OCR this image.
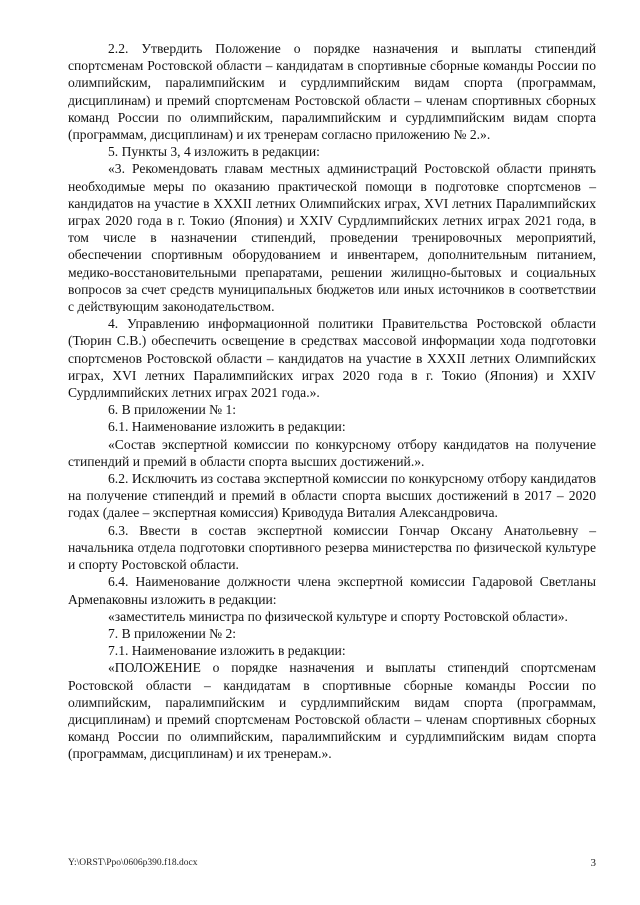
2.2. Утвердить Положение о порядке назначения и выплаты стипендий спортсменам Ростовской области – кандидатам в спортивные сборные команды России по олимпийским, паралимпийским и сурдлимпийским видам спорта (программам, дисциплинам) и премий спортсменам Ростовской области – членам спортивных сборных команд России по олимпийским, паралимпийским и сурдлимпийским видам спорта (программам, дисциплинам) и их тренерам согласно приложению № 2.».

5. Пункты 3, 4 изложить в редакции:

«3. Рекомендовать главам местных администраций Ростовской области принять необходимые меры по оказанию практической помощи в подготовке спортсменов – кандидатов на участие в XXXII летних Олимпийских играх, XVI летних Паралимпийских играх 2020 года в г. Токио (Япония) и XXIV Сурдлимпийских летних играх 2021 года, в том числе в назначении стипендий, проведении тренировочных мероприятий, обеспечении спортивным оборудованием и инвентарем, дополнительным питанием, медико-восстановительными препаратами, решении жилищно-бытовых и социальных вопросов за счет средств муниципальных бюджетов или иных источников в соответствии с действующим законодательством.

4. Управлению информационной политики Правительства Ростовской области (Тюрин С.В.) обеспечить освещение в средствах массовой информации хода подготовки спортсменов Ростовской области – кандидатов на участие в XXXII летних Олимпийских играх, XVI летних Паралимпийских играх 2020 года в г. Токио (Япония) и XXIV Сурдлимпийских летних играх 2021 года.».

6. В приложении № 1:

6.1. Наименование изложить в редакции:

«Состав экспертной комиссии по конкурсному отбору кандидатов на получение стипендий и премий в области спорта высших достижений.».

6.2. Исключить из состава экспертной комиссии по конкурсному отбору кандидатов на получение стипендий и премий в области спорта высших достижений в 2017 – 2020 годах (далее – экспертная комиссия) Криводуда Виталия Александровича.

6.3. Ввести в состав экспертной комиссии Гончар Оксану Анатольевну – начальника отдела подготовки спортивного резерва министерства по физической культуре и спорту Ростовской области.

6.4. Наименование должности члена экспертной комиссии Гадаровой Светланы Армenaковны изложить в редакции:

«заместитель министра по физической культуре и спорту Ростовской области».

7. В приложении № 2:

7.1. Наименование изложить в редакции:

«ПОЛОЖЕНИЕ о порядке назначения и выплаты стипендий спортсменам Ростовской области – кандидатам в спортивные сборные команды России по олимпийским, паралимпийским и сурдлимпийским видам спорта (программам, дисциплинам) и премий спортсменам Ростовской области – членам спортивных сборных команд России по олимпийским, паралимпийским и сурдлимпийским видам спорта (программам, дисциплинам) и их тренерам.».

Y:\ORST\Ppo\0606p390.f18.docx	3
